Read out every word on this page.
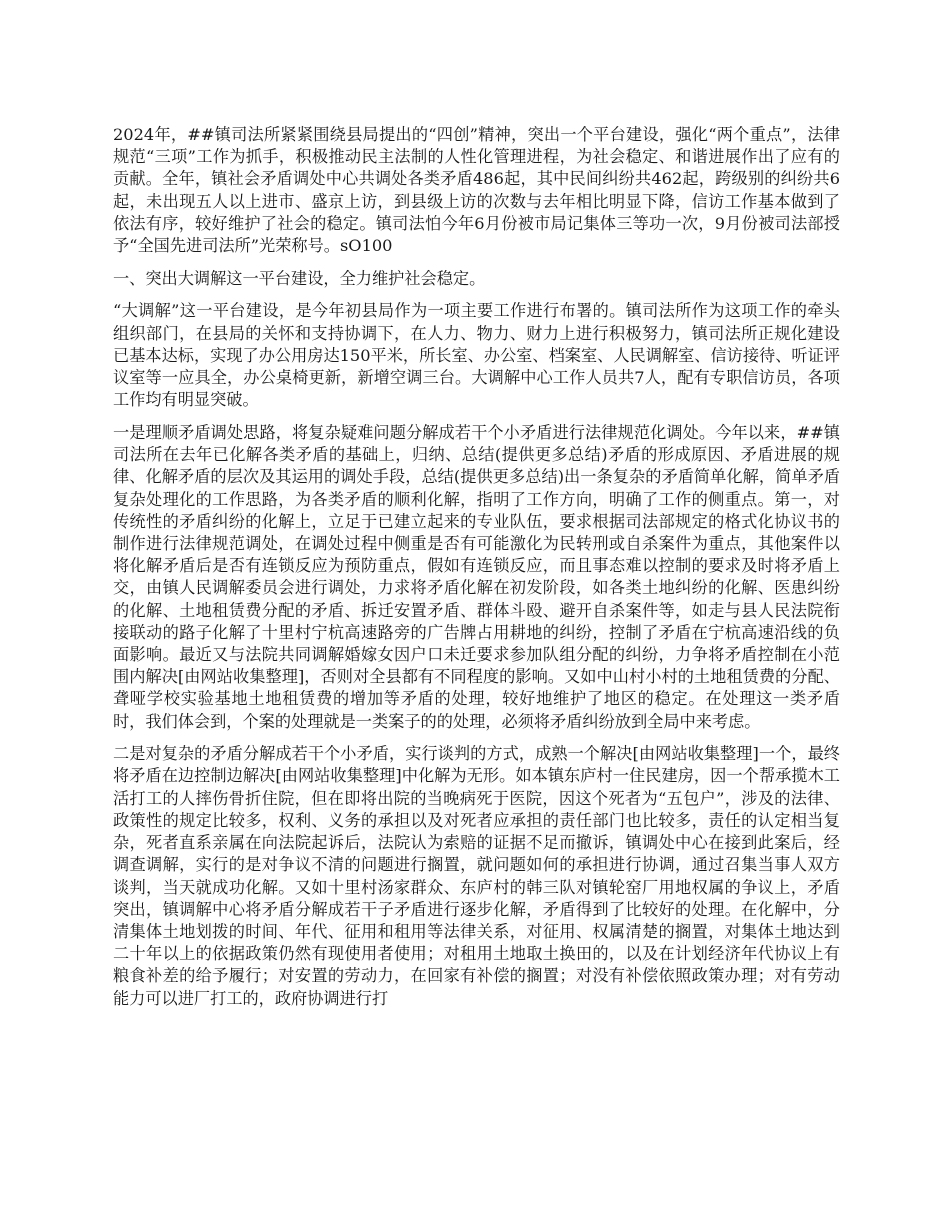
2024年，##镇司法所紧紧围绕县局提出的“四创”精神，突出一个平台建设，强化“两个重点”，法律规范“三项”工作为抓手，积极推动民主法制的人性化管理进程，为社会稳定、和谐进展作出了应有的贡献。全年，镇社会矛盾调处中心共调处各类矛盾486起，其中民间纠纷共462起，跨级别的纠纷共6起，未出现五人以上进市、盛京上访，到县级上访的次数与去年相比明显下降，信访工作基本做到了依法有序，较好维护了社会的稳定。镇司法怕今年6月份被市局记集体三等功一次，9月份被司法部授予“全国先进司法所”光荣称号。sO100

一、突出大调解这一平台建设，全力维护社会稳定。

“大调解”这一平台建设，是今年初县局作为一项主要工作进行布署的。镇司法所作为这项工作的牵头组织部门，在县局的关怀和支持协调下，在人力、物力、财力上进行积极努力，镇司法所正规化建设已基本达标，实现了办公用房达150平米，所长室、办公室、档案室、人民调解室、信访接待、听证评议室等一应具全，办公桌椅更新，新增空调三台。大调解中心工作人员共7人，配有专职信访员，各项工作均有明显突破。

一是理顺矛盾调处思路，将复杂疑难问题分解成若干个小矛盾进行法律规范化调处。今年以来，##镇司法所在去年已化解各类矛盾的基础上，归纳、总结(提供更多总结)矛盾的形成原因、矛盾进展的规律、化解矛盾的层次及其运用的调处手段，总结(提供更多总结)出一条复杂的矛盾简单化解，简单矛盾复杂处理化的工作思路，为各类矛盾的顺利化解，指明了工作方向，明确了工作的侧重点。第一，对传统性的矛盾纠纷的化解上，立足于已建立起来的专业队伍，要求根据司法部规定的格式化协议书的制作进行法律规范调处，在调处过程中侧重是否有可能激化为民转刑或自杀案件为重点，其他案件以将化解矛盾后是否有连锁反应为预防重点，假如有连锁反应，而且事态难以控制的要求及时将矛盾上交，由镇人民调解委员会进行调处，力求将矛盾化解在初发阶段，如各类土地纠纷的化解、医患纠纷的化解、土地租赁费分配的矛盾、拆迁安置矛盾、群体斗殴、避开自杀案件等，如走与县人民法院衔接联动的路子化解了十里村宁杭高速路旁的广告牌占用耕地的纠纷，控制了矛盾在宁杭高速沿线的负面影响。最近又与法院共同调解婚嫁女因户口未迁要求参加队组分配的纠纷，力争将矛盾控制在小范围内解决[由网站收集整理]，否则对全县都有不同程度的影响。又如中山村小村的土地租赁费的分配、聋哑学校实验基地土地租赁费的增加等矛盾的处理，较好地维护了地区的稳定。在处理这一类矛盾时，我们体会到，个案的处理就是一类案子的的处理，必须将矛盾纠纷放到全局中来考虑。

二是对复杂的矛盾分解成若干个小矛盾，实行谈判的方式，成熟一个解决[由网站收集整理]一个，最终将矛盾在边控制边解决[由网站收集整理]中化解为无形。如本镇东庐村一住民建房，因一个帮承揽木工活打工的人摔伤骨折住院，但在即将出院的当晚病死于医院，因这个死者为“五包户”，涉及的法律、政策性的规定比较多，权利、义务的承担以及对死者应承担的责任部门也比较多，责任的认定相当复杂，死者直系亲属在向法院起诉后，法院认为索赔的证据不足而撤诉，镇调处中心在接到此案后，经调查调解，实行的是对争议不清的问题进行搁置，就问题如何的承担进行协调，通过召集当事人双方谈判，当天就成功化解。又如十里村汤家群众、东庐村的韩三队对镇轮窑厂用地权属的争议上，矛盾突出，镇调解中心将矛盾分解成若干子矛盾进行逐步化解，矛盾得到了比较好的处理。在化解中，分清集体土地划拨的时间、年代、征用和租用等法律关系，对征用、权属清楚的搁置，对集体土地达到二十年以上的依据政策仍然有现使用者使用；对租用土地取土换田的，以及在计划经济年代协议上有粮食补差的给予履行；对安置的劳动力，在回家有补偿的搁置；对没有补偿依照政策办理；对有劳动能力可以进厂打工的，政府协调进行打
